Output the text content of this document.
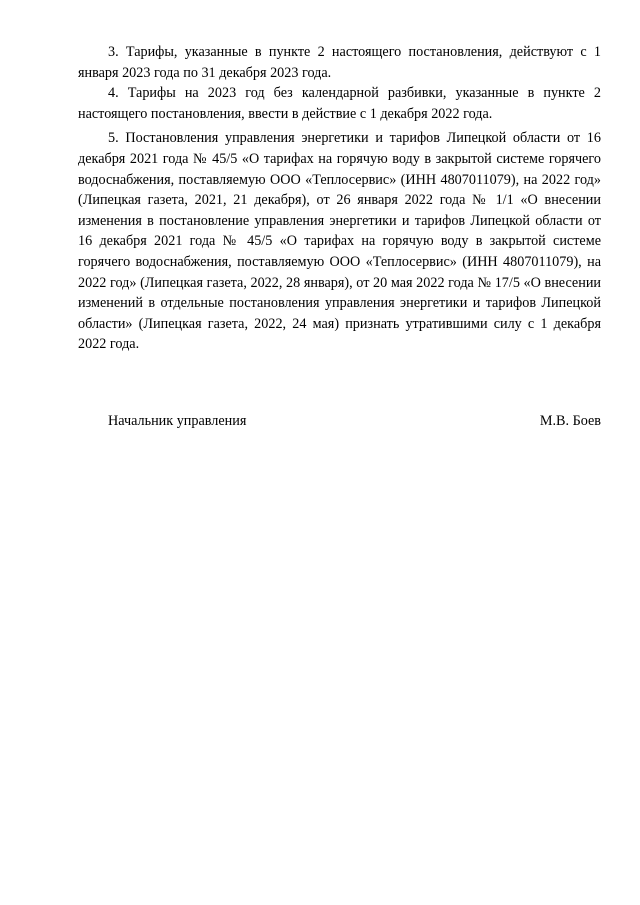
3. Тарифы, указанные в пункте 2 настоящего постановления, действуют с 1 января 2023 года по 31 декабря 2023 года.

4. Тарифы на 2023 год без календарной разбивки, указанные в пункте 2 настоящего постановления, ввести в действие с 1 декабря 2022 года.

5. Постановления управления энергетики и тарифов Липецкой области от 16 декабря 2021 года № 45/5 «О тарифах на горячую воду в закрытой системе горячего водоснабжения, поставляемую ООО «Теплосервис» (ИНН 4807011079), на 2022 год» (Липецкая газета, 2021, 21 декабря), от 26 января 2022 года № 1/1 «О внесении изменения в постановление управления энергетики и тарифов Липецкой области от 16 декабря 2021 года № 45/5 «О тарифах на горячую воду в закрытой системе горячего водоснабжения, поставляемую ООО «Теплосервис» (ИНН 4807011079), на 2022 год» (Липецкая газета, 2022, 28 января), от 20 мая 2022 года № 17/5 «О внесении изменений в отдельные постановления управления энергетики и тарифов Липецкой области» (Липецкая газета, 2022, 24 мая) признать утратившими силу с 1 декабря 2022 года.

Начальник управления	М.В. Боев
